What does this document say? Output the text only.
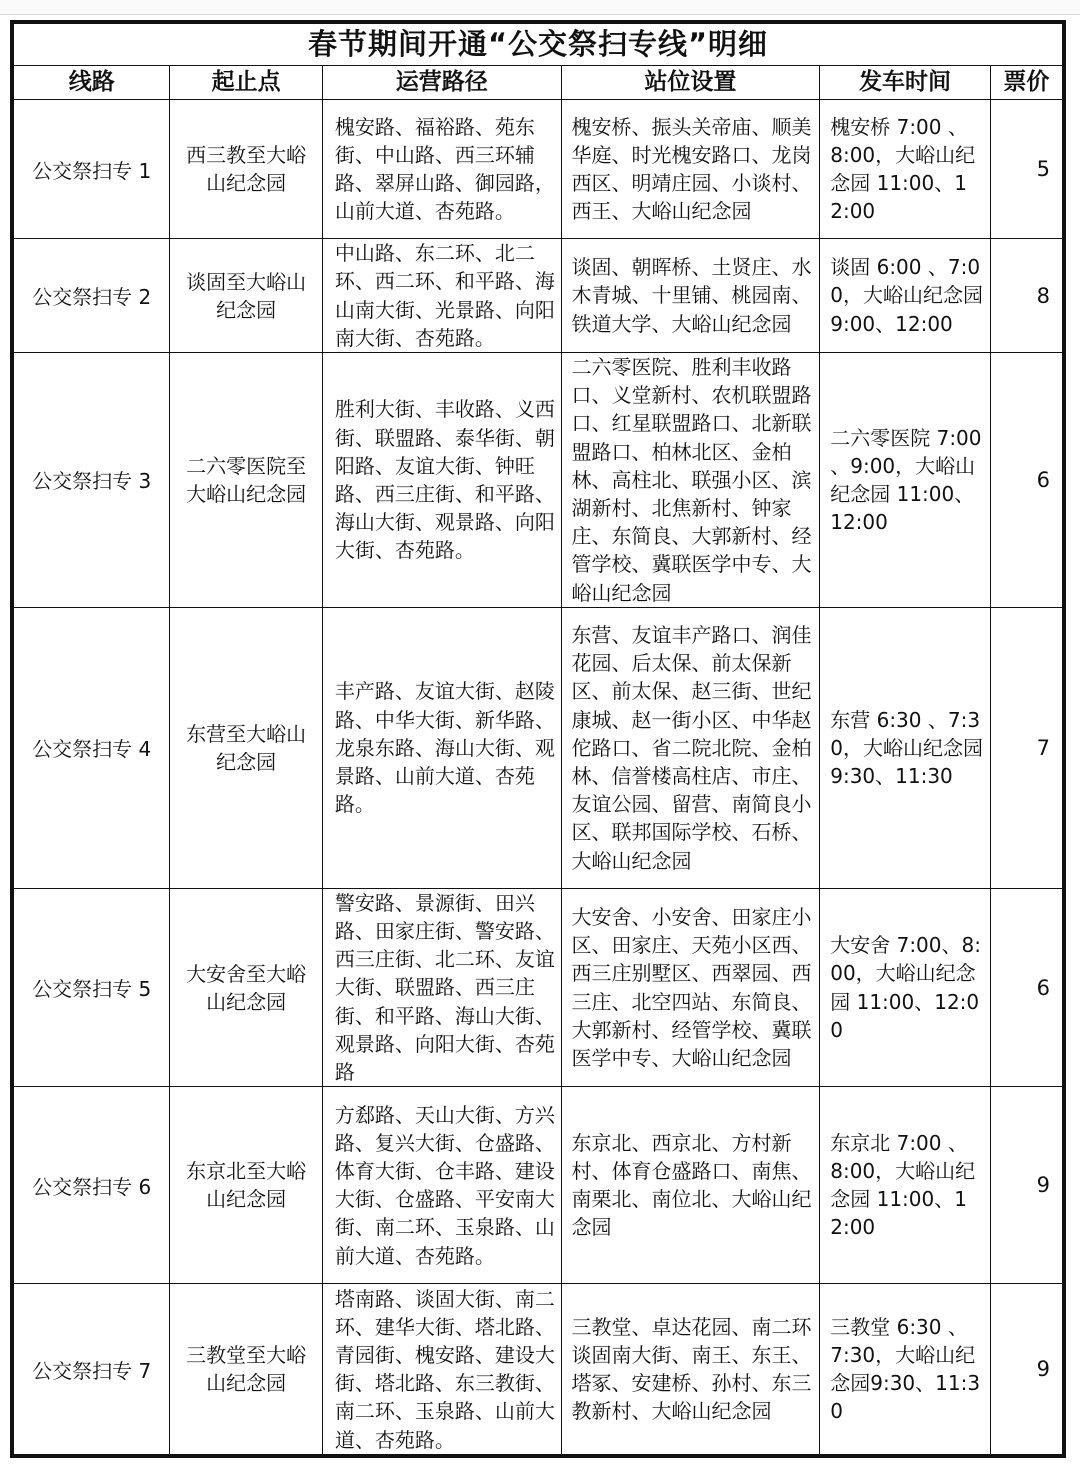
春节期间开通“公交祭扫专线”明细					
线路	起止点	运营路径	站位设置	发车时间	票价

公交祭扫专 1	西三教至大峪山纪念园	槐安路、福裕路、苑东街、中山路、西三环辅路、翠屏山路、御园路，山前大道、杏苑路。	槐安桥、振头关帝庙、顺美华庭、时光槐安路口、龙岗西区、明靖庄园、小谈村、西王、大峪山纪念园	槐安桥 7:00 、8:00，大峪山纪念园 11:00、12:00	5

公交祭扫专 2	谈固至大峪山纪念园	中山路、东二环、北二环、西二环、和平路、海山南大街、光景路、向阳南大街、杏苑路。	谈固、朝晖桥、土贤庄、水木青城、十里铺、桃园南、铁道大学、大峪山纪念园	谈固 6:00 、7:00，大峪山纪念园 9:00、12:00	8

公交祭扫专 3	二六零医院至大峪山纪念园	胜利大街、丰收路、义西街、联盟路、泰华街、朝阳路、友谊大街、钟旺路、西三庄街、和平路、海山大街、观景路、向阳大街、杏苑路。	二六零医院、胜利丰收路口、义堂新村、农机联盟路口、红星联盟路口、北新联盟路口、柏林北区、金柏林、高柱北、联强小区、滨湖新村、北焦新村、钟家庄、东简良、大郭新村、经管学校、冀联医学中专、大峪山纪念园	二六零医院 7:00 、9:00，大峪山纪念园 11:00、12:00	6

公交祭扫专 4	东营至大峪山纪念园	丰产路、友谊大街、赵陵路、中华大街、新华路、龙泉东路、海山大街、观景路、山前大道、杏苑路。	东营、友谊丰产路口、润佳花园、后太保、前太保新区、前太保、赵三街、世纪康城、赵一街小区、中华赵佗路口、省二院北院、金柏林、信誉楼高柱店、市庄、友谊公园、留营、南简良小区、联邦国际学校、石桥、大峪山纪念园	东营 6:30 、7:30，大峪山纪念园9:30、11:30	7

公交祭扫专 5	大安舍至大峪山纪念园	警安路、景源街、田兴路、田家庄街、警安路、西三庄街、北二环、友谊大街、联盟路、西三庄街、和平路、海山大街、观景路、向阳大街、杏苑路	大安舍、小安舍、田家庄小区、田家庄、天苑小区西、西三庄别墅区、西翠园、西三庄、北空四站、东简良、大郭新村、经管学校、冀联医学中专、大峪山纪念园	大安舍 7:00、8:00，大峪山纪念园 11:00、12:00	6

公交祭扫专 6	东京北至大峪山纪念园	方郄路、天山大街、方兴路、复兴大街、仓盛路、体育大街、仓丰路、建设大街、仓盛路、平安南大街、南二环、玉泉路、山前大道、杏苑路。	东京北、西京北、方村新村、体育仓盛路口、南焦、南栗北、南位北、大峪山纪念园	东京北 7:00 、8:00，大峪山纪念园 11:00、12:00	9

公交祭扫专 7	三教堂至大峪山纪念园	塔南路、谈固大街、南二环、建华大街、塔北路、青园街、槐安路、建设大街、塔北路、东三教街、南二环、玉泉路、山前大道、杏苑路。	三教堂、卓达花园、南二环谈固南大街、南王、东王、塔冢、安建桥、孙村、东三教新村、大峪山纪念园	三教堂 6:30 、7:30，大峪山纪念园9:30、11:30	9
